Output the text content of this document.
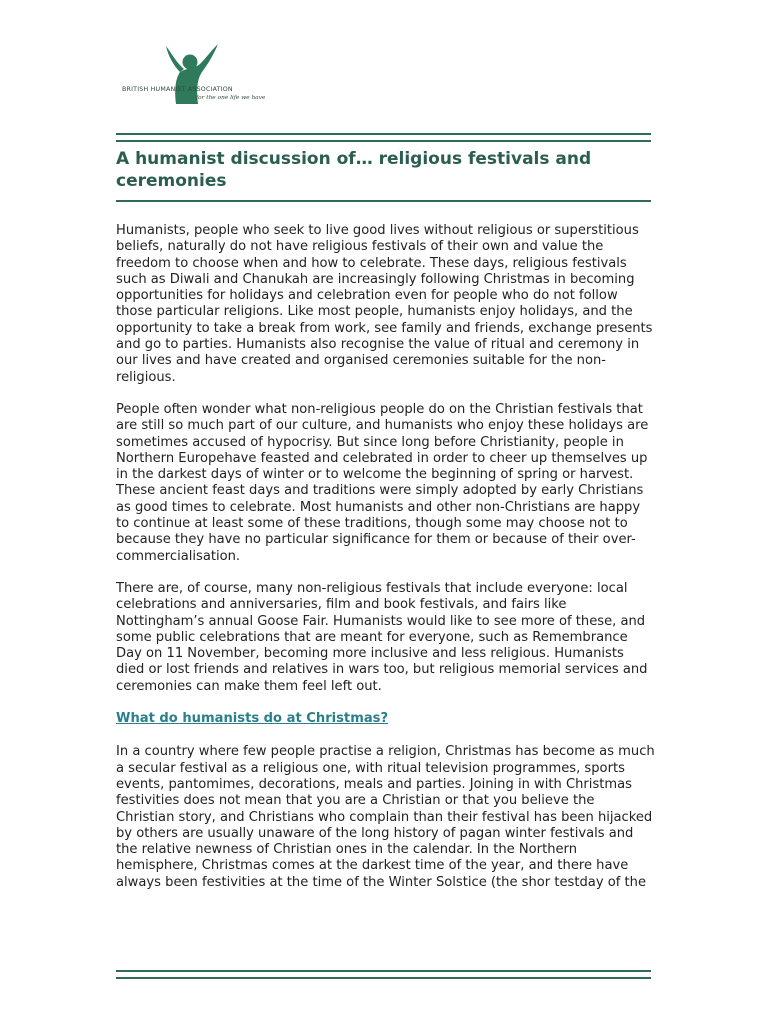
BRITISH HUMANIST ASSOCIATION
for the one life we have
A humanist discussion of… religious festivals and ceremonies

Humanists, people who seek to live good lives without religious or superstitious beliefs, naturally do not have religious festivals of their own and value the freedom to choose when and how to celebrate. These days, religious festivals such as Diwali and Chanukah are increasingly following Christmas in becoming opportunities for holidays and celebration even for people who do not follow those particular religions. Like most people, humanists enjoy holidays, and the opportunity to take a break from work, see family and friends, exchange presents and go to parties. Humanists also recognise the value of ritual and ceremony in our lives and have created and organised ceremonies suitable for the non-religious.

People often wonder what non-religious people do on the Christian festivals that are still so much part of our culture, and humanists who enjoy these holidays are sometimes accused of hypocrisy. But since long before Christianity, people in Northern Europehave feasted and celebrated in order to cheer up themselves up in the darkest days of winter or to welcome the beginning of spring or harvest. These ancient feast days and traditions were simply adopted by early Christians as good times to celebrate. Most humanists and other non-Christians are happy to continue at least some of these traditions, though some may choose not to because they have no particular significance for them or because of their over-commercialisation.

There are, of course, many non-religious festivals that include everyone: local celebrations and anniversaries, film and book festivals, and fairs like Nottingham’s annual Goose Fair. Humanists would like to see more of these, and some public celebrations that are meant for everyone, such as Remembrance Day on 11 November, becoming more inclusive and less religious. Humanists died or lost friends and relatives in wars too, but religious memorial services and ceremonies can make them feel left out.

What do humanists do at Christmas?

In a country where few people practise a religion, Christmas has become as much a secular festival as a religious one, with ritual television programmes, sports events, pantomimes, decorations, meals and parties. Joining in with Christmas festivities does not mean that you are a Christian or that you believe the Christian story, and Christians who complain than their festival has been hijacked by others are usually unaware of the long history of pagan winter festivals and the relative newness of Christian ones in the calendar. In the Northern hemisphere, Christmas comes at the darkest time of the year, and there have always been festivities at the time of the Winter Solstice (the shor testday of the
